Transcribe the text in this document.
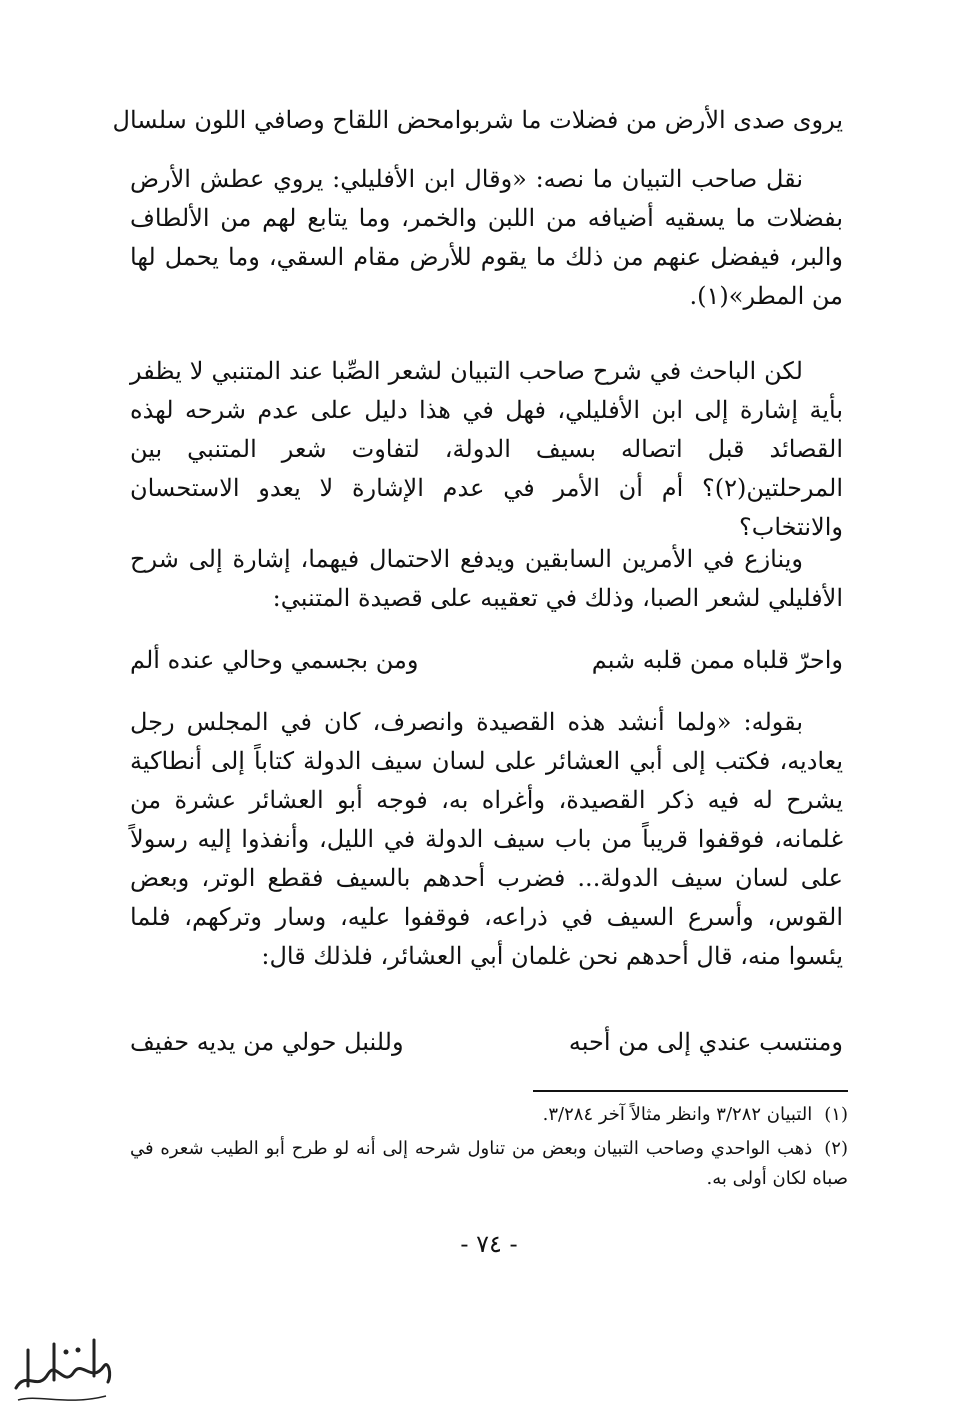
يروى صدى الأرض من فضلات ما شربوا
محض اللقاح وصافي اللون سلسال

نقل صاحب التبيان ما نصه: «وقال ابن الأفليلي: يروي عطش الأرض بفضلات ما يسقيه أضيافه من اللبن والخمر، وما يتابع لهم من الألطاف والبر، فيفضل عنهم من ذلك ما يقوم للأرض مقام السقي، وما يحمل لها من المطر»(١).

لكن الباحث في شرح صاحب التبيان لشعر الصِّبا عند المتنبي لا يظفر بأية إشارة إلى ابن الأفليلي، فهل في هذا دليل على عدم شرحه لهذه القصائد قبل اتصاله بسيف الدولة، لتفاوت شعر المتنبي بين المرحلتين(٢)؟ أم أن الأمر في عدم الإشارة لا يعدو الاستحسان والانتخاب؟

وينازع في الأمرين السابقين ويدفع الاحتمال فيهما، إشارة إلى شرح الأفليلي لشعر الصبا، وذلك في تعقيبه على قصيدة المتنبي:

واحرّ قلباه ممن قلبه شبم
ومن بجسمي وحالي عنده ألم

بقوله: «ولما أنشد هذه القصيدة وانصرف، كان في المجلس رجل يعاديه، فكتب إلى أبي العشائر على لسان سيف الدولة كتاباً إلى أنطاكية يشرح له فيه ذكر القصيدة، وأغراه به، فوجه أبو العشائر عشرة من غلمانه، فوقفوا قريباً من باب سيف الدولة في الليل، وأنفذوا إليه رسولاً على لسان سيف الدولة... فضرب أحدهم بالسيف فقطع الوتر، وبعض القوس، وأسرع السيف في ذراعه، فوقفوا عليه، وسار وتركهم، فلما يئسوا منه، قال أحدهم نحن غلمان أبي العشائر، فلذلك قال:

ومنتسب عندي إلى من أحبه
وللنبل حولي من يديه حفيف

(١)التبيان ٣/٢٨٢ وانظر مثالاً آخر ٣/٢٨٤.

(٢)ذهب الواحدي وصاحب التبيان وبعض من تناول شرحه إلى أنه لو طرح أبو الطيب شعره في صباه لكان أولى به.

- ٧٤ -
